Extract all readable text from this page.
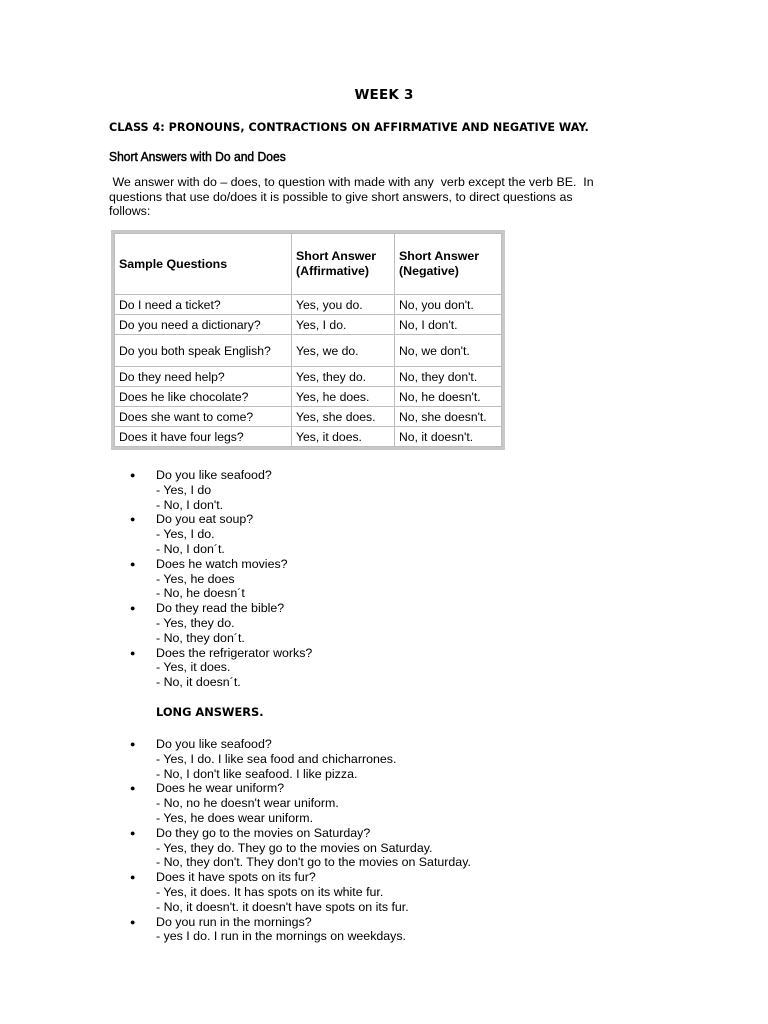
WEEK 3
CLASS 4: PRONOUNS, CONTRACTIONS ON AFFIRMATIVE AND NEGATIVE WAY.
Short Answers with Do and Does
We answer with do – does, to question with made with any  verb except the verb BE.  In
questions that use do/does it is possible to give short answers, to direct questions as
follows:
Sample Questions	Short Answer (Affirmative)	Short Answer (Negative)

Do I need a ticket?	Yes, you do.	No, you don't.
Do you need a dictionary?	Yes, I do.	No, I don't.
Do you both speak English?	Yes, we do.	No, we don't.
Do they need help?	Yes, they do.	No, they don't.
Does he like chocolate?	Yes, he does.	No, he doesn't.
Does she want to come?	Yes, she does.	No, she doesn't.
Does it have four legs?	Yes, it does.	No, it doesn't.
● Do you like seafood?
- Yes, I do
- No, I don't.
● Do you eat soup?
- Yes, I do.
- No, I don´t.
● Does he watch movies?
- Yes, he does
- No, he doesn´t
● Do they read the bible?
- Yes, they do.
- No, they don´t.
● Does the refrigerator works?
- Yes, it does.
- No, it doesn´t.
LONG ANSWERS.
● Do you like seafood?
- Yes, I do. I like sea food and chicharrones.
- No, I don't like seafood. I like pizza.
● Does he wear uniform?
- No, no he doesn't wear uniform.
- Yes, he does wear uniform.
● Do they go to the movies on Saturday?
- Yes, they do. They go to the movies on Saturday.
- No, they don't. They don't go to the movies on Saturday.
● Does it have spots on its fur?
- Yes, it does. It has spots on its white fur.
- No, it doesn't. it doesn't have spots on its fur.
● Do you run in the mornings?
- yes I do. I run in the mornings on weekdays.
